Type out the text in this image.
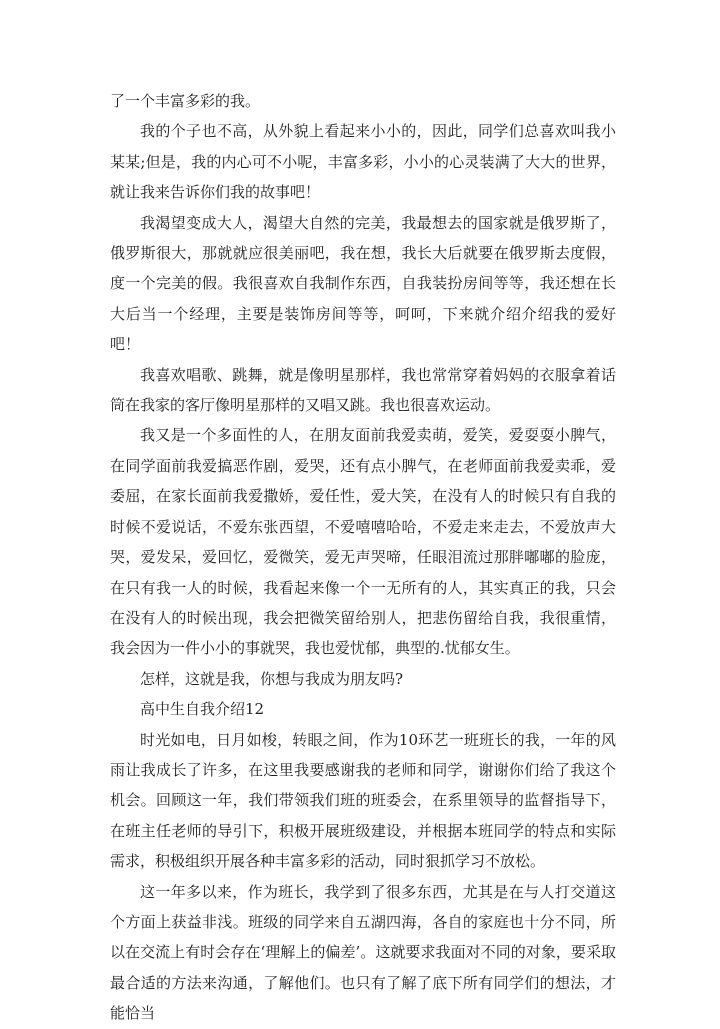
了一个丰富多彩的我。

我的个子也不高，从外貌上看起来小小的，因此，同学们总喜欢叫我小某某;但是，我的内心可不小呢，丰富多彩，小小的心灵装满了大大的世界，就让我来告诉你们我的故事吧！

我渴望变成大人，渴望大自然的完美，我最想去的国家就是俄罗斯了，俄罗斯很大，那就就应很美丽吧，我在想，我长大后就要在俄罗斯去度假，度一个完美的假。我很喜欢自我制作东西，自我装扮房间等等，我还想在长大后当一个经理，主要是装饰房间等等，呵呵，下来就介绍介绍我的爱好吧！

我喜欢唱歌、跳舞，就是像明星那样，我也常常穿着妈妈的衣服拿着话筒在我家的客厅像明星那样的又唱又跳。我也很喜欢运动。

我又是一个多面性的人，在朋友面前我爱卖萌，爱笑，爱耍耍小脾气，在同学面前我爱搞恶作剧，爱哭，还有点小脾气，在老师面前我爱卖乖，爱委屈，在家长面前我爱撒娇，爱任性，爱大笑，在没有人的时候只有自我的时候不爱说话，不爱东张西望，不爱嘻嘻哈哈，不爱走来走去，不爱放声大哭，爱发呆，爱回忆，爱微笑，爱无声哭啼，任眼泪流过那胖嘟嘟的脸庞，在只有我一人的时候，我看起来像一个一无所有的人，其实真正的我，只会在没有人的时候出现，我会把微笑留给别人，把悲伤留给自我，我很重情，我会因为一件小小的事就哭，我也爱忧郁，典型的.忧郁女生。

怎样，这就是我，你想与我成为朋友吗?

高中生自我介绍12

时光如电，日月如梭，转眼之间，作为10环艺一班班长的我，一年的风雨让我成长了许多，在这里我要感谢我的老师和同学，谢谢你们给了我这个机会。回顾这一年，我们带领我们班的班委会，在系里领导的监督指导下，在班主任老师的导引下，积极开展班级建设，并根据本班同学的特点和实际需求，积极组织开展各种丰富多彩的活动，同时狠抓学习不放松。

这一年多以来，作为班长，我学到了很多东西，尤其是在与人打交道这个方面上获益非浅。班级的同学来自五湖四海，各自的家庭也十分不同，所以在交流上有时会存在‘理解上的偏差’。这就要求我面对不同的对象，要采取最合适的方法来沟通，了解他们。也只有了解了底下所有同学们的想法，才能恰当
